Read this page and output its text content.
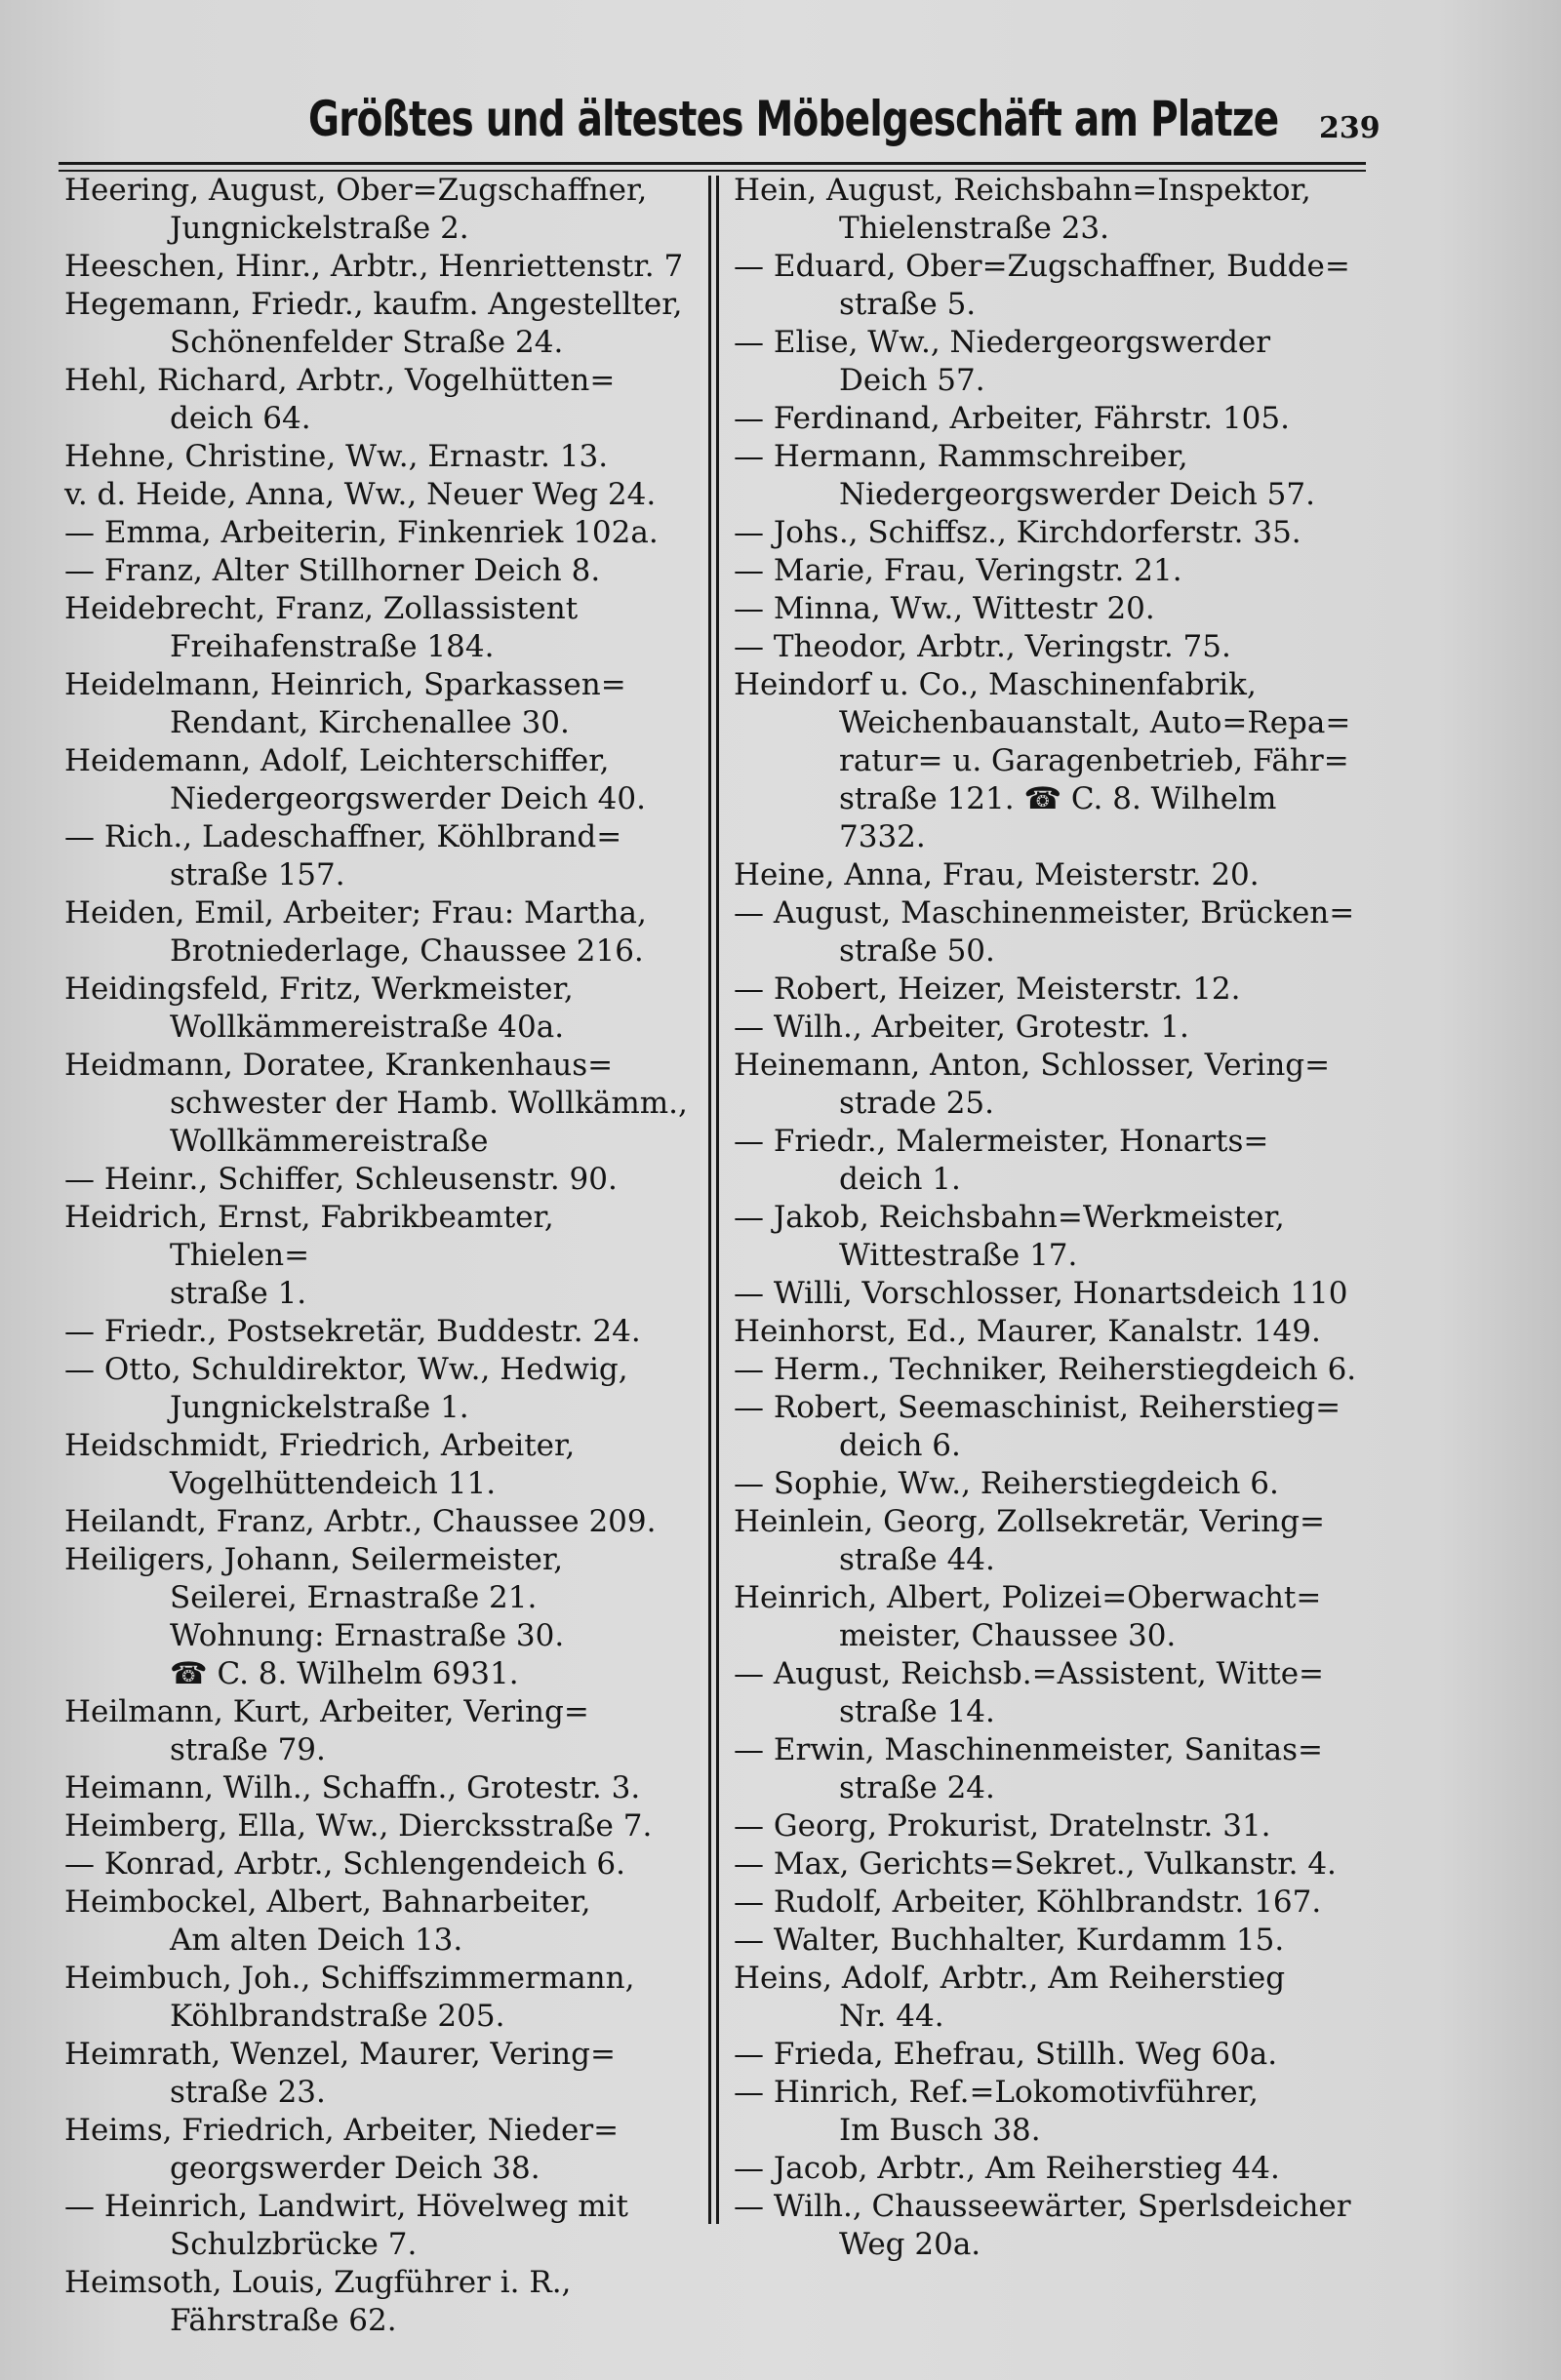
Größtes und ältestes Möbelgeschäft am Platze 239

Heering, August, Ober=Zugschaffner,
Jungnickelstraße 2.

Heeschen, Hinr., Arbtr., Henriettenstr. 7

Hegemann, Friedr., kaufm. Angestellter,
Schönenfelder Straße 24.

Hehl, Richard, Arbtr., Vogelhütten=
deich 64.

Hehne, Christine, Ww., Ernastr. 13.

v. d. Heide, Anna, Ww., Neuer Weg 24.

— Emma, Arbeiterin, Finkenriek 102a.

— Franz, Alter Stillhorner Deich 8.

Heidebrecht, Franz, Zollassistent
Freihafenstraße 184.

Heidelmann, Heinrich, Sparkassen=
Rendant, Kirchenallee 30.

Heidemann, Adolf, Leichterschiffer,
Niedergeorgswerder Deich 40.

— Rich., Ladeschaffner, Köhlbrand=
straße 157.

Heiden, Emil, Arbeiter; Frau: Martha,
Brotniederlage, Chaussee 216.

Heidingsfeld, Fritz, Werkmeister,
Wollkämmereistraße 40a.

Heidmann, Doratee, Krankenhaus=
schwester der Hamb. Wollkämm.,
Wollkämmereistraße

— Heinr., Schiffer, Schleusenstr. 90.

Heidrich, Ernst, Fabrikbeamter, Thielen=
straße 1.

— Friedr., Postsekretär, Buddestr. 24.

— Otto, Schuldirektor, Ww., Hedwig,
Jungnickelstraße 1.

Heidschmidt, Friedrich, Arbeiter,
Vogelhüttendeich 11.

Heilandt, Franz, Arbtr., Chaussee 209.

Heiligers, Johann, Seilermeister,
Seilerei, Ernastraße 21.
Wohnung: Ernastraße 30.
☎ C. 8. Wilhelm 6931.

Heilmann, Kurt, Arbeiter, Vering=
straße 79.

Heimann, Wilh., Schaffn., Grotestr. 3.

Heimberg, Ella, Ww., Diercksstraße 7.

— Konrad, Arbtr., Schlengendeich 6.

Heimbockel, Albert, Bahnarbeiter,
Am alten Deich 13.

Heimbuch, Joh., Schiffszimmermann,
Köhlbrandstraße 205.

Heimrath, Wenzel, Maurer, Vering=
straße 23.

Heims, Friedrich, Arbeiter, Nieder=
georgswerder Deich 38.

— Heinrich, Landwirt, Hövelweg mit
Schulzbrücke 7.

Heimsoth, Louis, Zugführer i. R.,
Fährstraße 62.

Hein, August, Reichsbahn=Inspektor,
Thielenstraße 23.

— Eduard, Ober=Zugschaffner, Budde=
straße 5.

— Elise, Ww., Niedergeorgswerder
Deich 57.

— Ferdinand, Arbeiter, Fährstr. 105.

— Hermann, Rammschreiber,
Niedergeorgswerder Deich 57.

— Johs., Schiffsz., Kirchdorferstr. 35.

— Marie, Frau, Veringstr. 21.

— Minna, Ww., Wittestr 20.

— Theodor, Arbtr., Veringstr. 75.

Heindorf u. Co., Maschinenfabrik,
Weichenbauanstalt, Auto=Repa=
ratur= u. Garagenbetrieb, Fähr=
straße 121. ☎ C. 8. Wilhelm
7332.

Heine, Anna, Frau, Meisterstr. 20.

— August, Maschinenmeister, Brücken=
straße 50.

— Robert, Heizer, Meisterstr. 12.

— Wilh., Arbeiter, Grotestr. 1.

Heinemann, Anton, Schlosser, Vering=
strade 25.

— Friedr., Malermeister, Honarts=
deich 1.

— Jakob, Reichsbahn=Werkmeister,
Wittestraße 17.

— Willi, Vorschlosser, Honartsdeich 110

Heinhorst, Ed., Maurer, Kanalstr. 149.

— Herm., Techniker, Reiherstiegdeich 6.

— Robert, Seemaschinist, Reiherstieg=
deich 6.

— Sophie, Ww., Reiherstiegdeich 6.

Heinlein, Georg, Zollsekretär, Vering=
straße 44.

Heinrich, Albert, Polizei=Oberwacht=
meister, Chaussee 30.

— August, Reichsb.=Assistent, Witte=
straße 14.

— Erwin, Maschinenmeister, Sanitas=
straße 24.

— Georg, Prokurist, Dratelnstr. 31.

— Max, Gerichts=Sekret., Vulkanstr. 4.

— Rudolf, Arbeiter, Köhlbrandstr. 167.

— Walter, Buchhalter, Kurdamm 15.

Heins, Adolf, Arbtr., Am Reiherstieg
Nr. 44.

— Frieda, Ehefrau, Stillh. Weg 60a.

— Hinrich, Ref.=Lokomotivführer,
Im Busch 38.

— Jacob, Arbtr., Am Reiherstieg 44.

— Wilh., Chausseewärter, Sperlsdeicher
Weg 20a.
